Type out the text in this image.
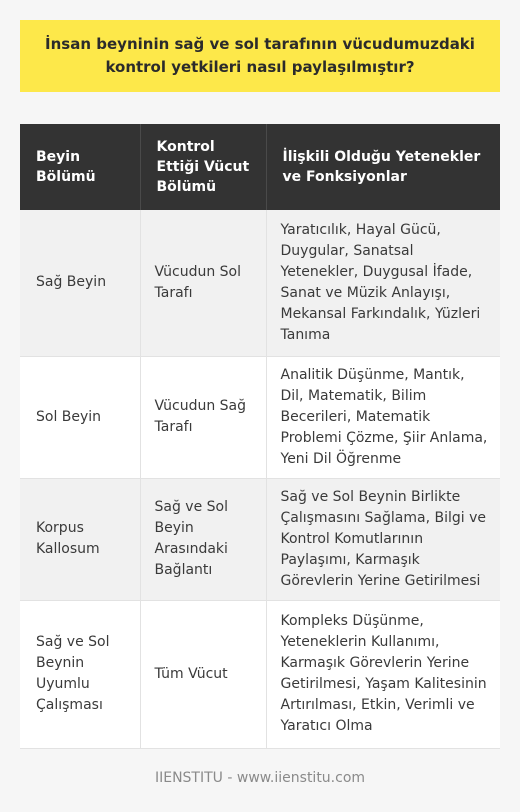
İnsan beyninin sağ ve sol tarafının vücudumuzdaki kontrol yetkileri nasıl paylaşılmıştır?
Beyin Bölümü	Kontrol Ettiği Vücut Bölümü	İlişkili Olduğu Yetenekler ve Fonksiyonlar
Sağ Beyin	Vücudun Sol Tarafı	Yaratıcılık, Hayal Gücü, Duygular, Sanatsal Yetenekler, Duygusal İfade, Sanat ve Müzik Anlayışı, Mekansal Farkındalık, Yüzleri Tanıma
Sol Beyin	Vücudun Sağ Tarafı	Analitik Düşünme, Mantık, Dil, Matematik, Bilim Becerileri, Matematik Problemi Çözme, Şiir Anlama, Yeni Dil Öğrenme
Korpus Kallosum	Sağ ve Sol Beyin Arasındaki Bağlantı	Sağ ve Sol Beynin Birlikte Çalışmasını Sağlama, Bilgi ve Kontrol Komutlarının Paylaşımı, Karmaşık Görevlerin Yerine Getirilmesi
Sağ ve Sol Beynin Uyumlu Çalışması	Tüm Vücut	Kompleks Düşünme, Yeteneklerin Kullanımı, Karmaşık Görevlerin Yerine Getirilmesi, Yaşam Kalitesinin Artırılması, Etkin, Verimli ve Yaratıcı Olma
IIENSTITU - www.iienstitu.com
